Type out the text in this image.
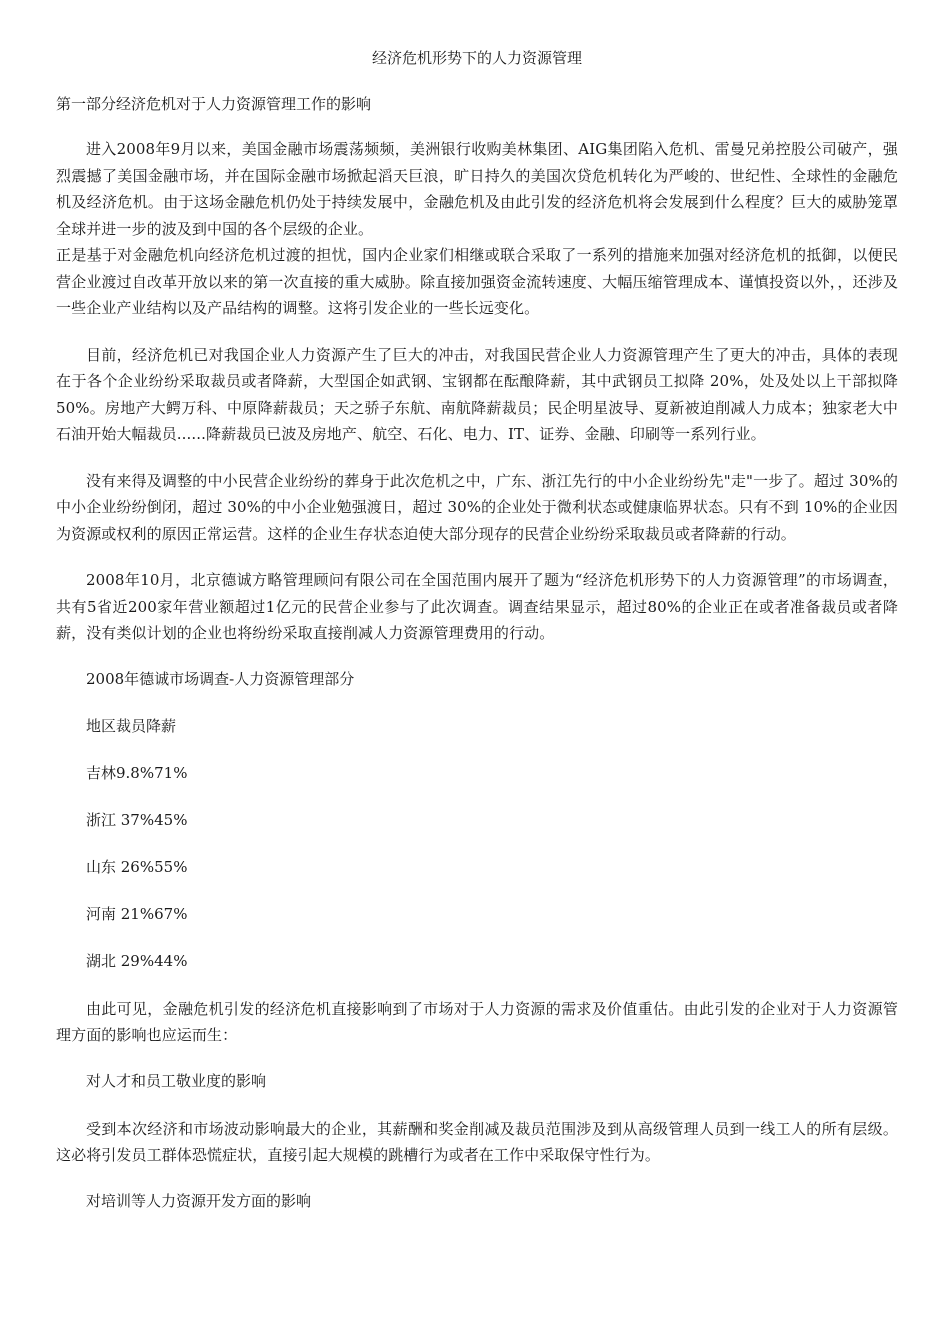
经济危机形势下的人力资源管理
第一部分经济危机对于人力资源管理工作的影响

进入2008年9月以来，美国金融市场震荡频频，美洲银行收购美林集团、AIG集团陷入危机、雷曼兄弟控股公司破产，强烈震撼了美国金融市场，并在国际金融市场掀起滔天巨浪，旷日持久的美国次贷危机转化为严峻的、世纪性、全球性的金融危机及经济危机。由于这场金融危机仍处于持续发展中，金融危机及由此引发的经济危机将会发展到什么程度？巨大的威胁笼罩全球并进一步的波及到中国的各个层级的企业。

正是基于对金融危机向经济危机过渡的担忧，国内企业家们相继或联合采取了一系列的措施来加强对经济危机的抵御，以便民营企业渡过自改革开放以来的第一次直接的重大威胁。除直接加强资金流转速度、大幅压缩管理成本、谨慎投资以外，，还涉及一些企业产业结构以及产品结构的调整。这将引发企业的一些长远变化。

目前，经济危机已对我国企业人力资源产生了巨大的冲击，对我国民营企业人力资源管理产生了更大的冲击，具体的表现在于各个企业纷纷采取裁员或者降薪，大型国企如武钢、宝钢都在酝酿降薪，其中武钢员工拟降 20%，处及处以上干部拟降 50%。房地产大鳄万科、中原降薪裁员；天之骄子东航、南航降薪裁员；民企明星波导、夏新被迫削减人力成本；独家老大中石油开始大幅裁员......降薪裁员已波及房地产、航空、石化、电力、IT、证券、金融、印刷等一系列行业。

没有来得及调整的中小民营企业纷纷的葬身于此次危机之中，广东、浙江先行的中小企业纷纷先"走"一步了。超过 30%的中小企业纷纷倒闭，超过 30%的中小企业勉强渡日，超过 30%的企业处于微利状态或健康临界状态。只有不到 10%的企业因为资源或权利的原因正常运营。这样的企业生存状态迫使大部分现存的民营企业纷纷采取裁员或者降薪的行动。

2008年10月，北京德诚方略管理顾问有限公司在全国范围内展开了题为“经济危机形势下的人力资源管理”的市场调查，共有5省近200家年营业额超过1亿元的民营企业参与了此次调查。调查结果显示，超过80%的企业正在或者准备裁员或者降薪，没有类似计划的企业也将纷纷采取直接削减人力资源管理费用的行动。

2008年德诚市场调查-人力资源管理部分
地区裁员降薪
吉林9.8%71%
浙江 37%45%
山东 26%55%
河南 21%67%
湖北 29%44%

由此可见，金融危机引发的经济危机直接影响到了市场对于人力资源的需求及价值重估。由此引发的企业对于人力资源管理方面的影响也应运而生：

对人才和员工敬业度的影响

受到本次经济和市场波动影响最大的企业，其薪酬和奖金削减及裁员范围涉及到从高级管理人员到一线工人的所有层级。这必将引发员工群体恐慌症状，直接引起大规模的跳槽行为或者在工作中采取保守性行为。

对培训等人力资源开发方面的影响
